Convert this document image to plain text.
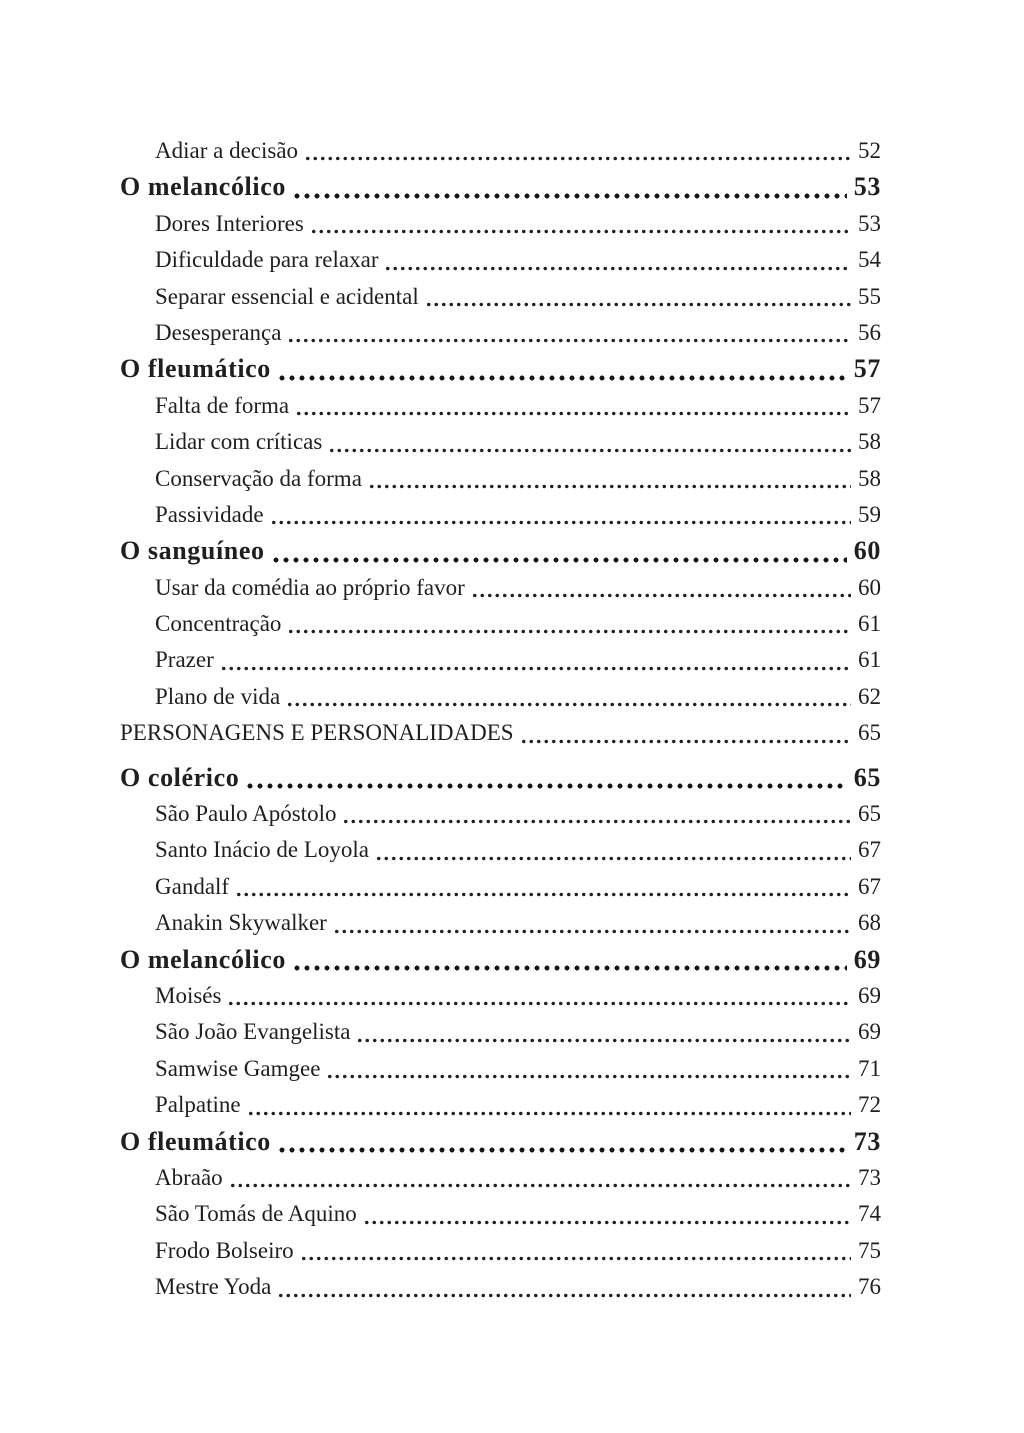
Adiar a decisão	52
O melancólico	53
Dores Interiores	53
Dificuldade para relaxar	54
Separar essencial e acidental	55
Desesperança	56
O fleumático	57
Falta de forma	57
Lidar com críticas	58
Conservação da forma	58
Passividade	59
O sanguíneo	60
Usar da comédia ao próprio favor	60
Concentração	61
Prazer	61
Plano de vida	62
PERSONAGENS E PERSONALIDADES	65
O colérico	65
São Paulo Apóstolo	65
Santo Inácio de Loyola	67
Gandalf	67
Anakin Skywalker	68
O melancólico	69
Moisés	69
São João Evangelista	69
Samwise Gamgee	71
Palpatine	72
O fleumático	73
Abraão	73
São Tomás de Aquino	74
Frodo Bolseiro	75
Mestre Yoda	76
